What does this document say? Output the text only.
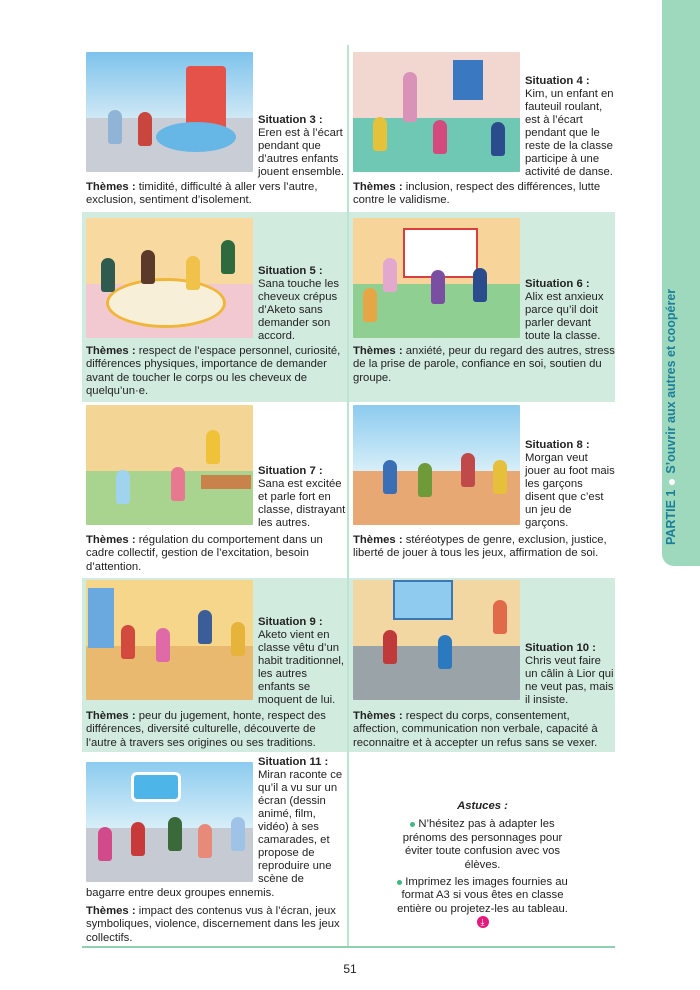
Situation 3 :
Eren est à l’écart pendant que d’autres enfants jouent ensemble.
Situation 4 :
Kim, un enfant en fauteuil roulant, est à l’écart pendant que le reste de la classe participe à une activité de danse.
Situation 5 :
Sana touche les cheveux crépus d’Aketo sans demander son accord.
Situation 6 :
Alix est anxieux parce qu’il doit parler devant toute la classe.
Situation 7 :
Sana est excitée et parle fort en classe, distrayant les autres.
Situation 8 :
Morgan veut jouer au foot mais les garçons disent que c’est un jeu de garçons.
Situation 9 :
Aketo vient en classe vêtu d’un habit traditionnel, les autres enfants se moquent de lui.
Situation 10 :
Chris veut faire un câlin à Lior qui ne veut pas, mais il insiste.
Situation 11 :
Miran raconte ce qu’il a vu sur un écran (dessin animé, film, vidéo) à ses camarades, et propose de reproduire une scène de
bagarre entre deux groupes ennemis.
Thèmes : timidité, difficulté à aller vers l’autre, exclusion, sentiment d’isolement.
Thèmes : inclusion, respect des différences, lutte contre le validisme.
Thèmes : respect de l’espace personnel, curiosité, différences physiques, importance de demander avant de toucher le corps ou les cheveux de quelqu’un·e.
Thèmes : anxiété, peur du regard des autres, stress de la prise de parole, confiance en soi, soutien du groupe.
Thèmes : régulation du comportement dans un cadre collectif, gestion de l’excitation, besoin d’attention.
Thèmes : stéréotypes de genre, exclusion, justice, liberté de jouer à tous les jeux, affirmation de soi.
Thèmes : peur du jugement, honte, respect des différences, diversité culturelle, découverte de l’autre à travers ses origines ou ses traditions.
Thèmes : respect du corps, consentement, affection, communication non verbale, capacité à reconnaitre et à accepter un refus sans se vexer.
Thèmes : impact des contenus vus à l’écran, jeux symboliques, violence, discernement dans les jeux collectifs.
Astuces :

N’hésitez pas à adapter les prénoms des personnages pour éviter toute confusion avec vos élèves.

Imprimez les images fournies au format A3 si vous êtes en classe entière ou projetez-les au tableau. ⤓

PARTIE 1S’ouvrir aux autres et coopérer
51
